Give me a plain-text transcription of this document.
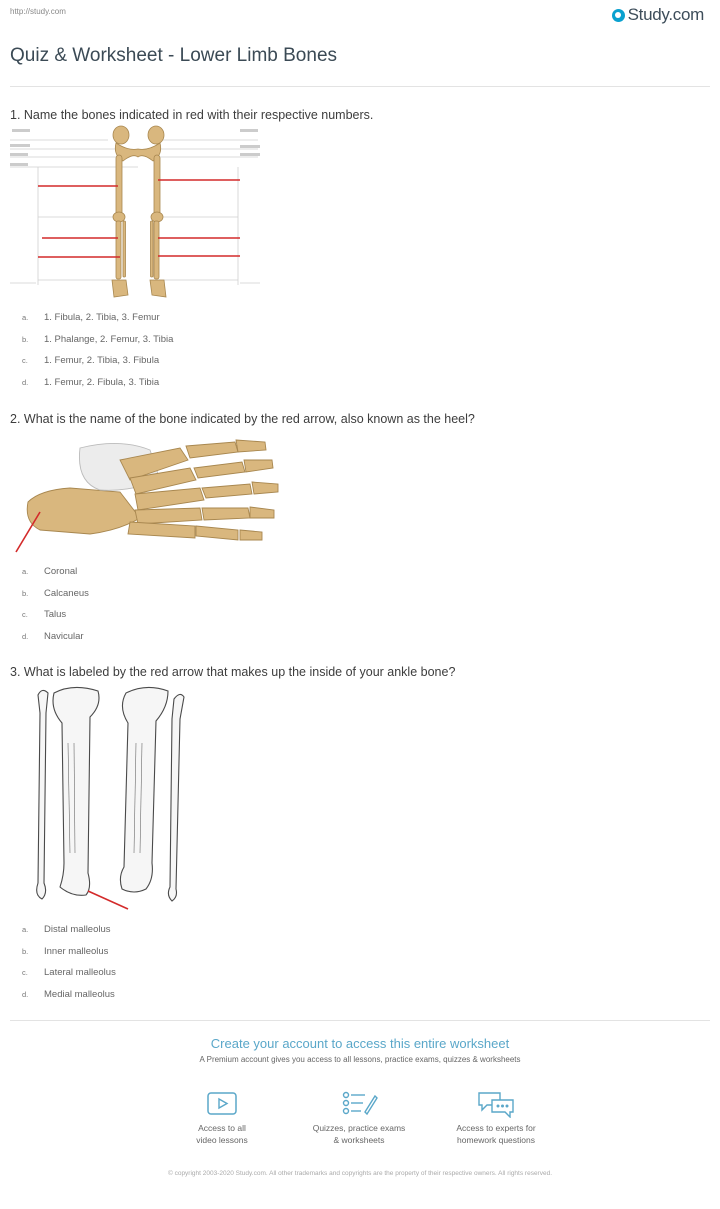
http://study.com	Study.com
Quiz & Worksheet - Lower Limb Bones
1. Name the bones indicated in red with their respective numbers.
a.	1. Fibula, 2. Tibia, 3. Femur
b.	1. Phalange, 2. Femur, 3. Tibia
c.	1. Femur, 2. Tibia, 3. Fibula
d.	1. Femur, 2. Fibula, 3. Tibia
2. What is the name of the bone indicated by the red arrow, also known as the heel?
a.	Coronal
b.	Calcaneus
c.	Talus
d.	Navicular
3. What is labeled by the red arrow that makes up the inside of your ankle bone?
a.	Distal malleolus
b.	Inner malleolus
c.	Lateral malleolus
d.	Medial malleolus
Create your account to access this entire worksheet
A Premium account gives you access to all lessons, practice exams, quizzes & worksheets
Access to all
video lessons
Quizzes, practice exams
& worksheets
Access to experts for
homework questions
© copyright 2003-2020 Study.com. All other trademarks and copyrights are the property of their respective owners. All rights reserved.
